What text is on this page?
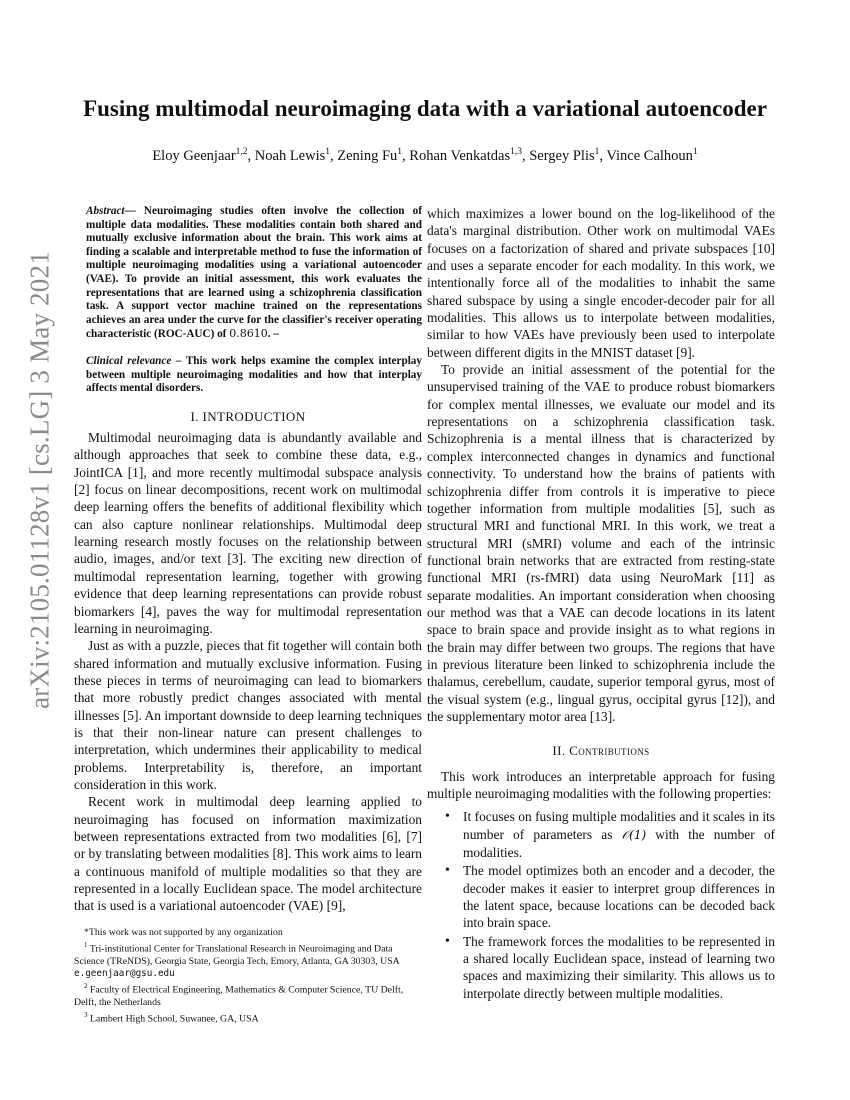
arXiv:2105.01128v1 [cs.LG] 3 May 2021
Fusing multimodal neuroimaging data with a variational autoencoder
Eloy Geenjaar$^{1,2}$, Noah Lewis$^1$, Zening Fu$^1$, Rohan Venkatdas$^{1,3}$, Sergey Plis$^1$, Vince Calhoun$^1$

Abstract— Neuroimaging studies often involve the collection of multiple data modalities. These modalities contain both shared and mutually exclusive information about the brain. This work aims at finding a scalable and interpretable method to fuse the information of multiple neuroimaging modalities using a variational autoencoder (VAE). To provide an initial assessment, this work evaluates the representations that are learned using a schizophrenia classification task. A support vector machine trained on the representations achieves an area under the curve for the classifier's receiver operating characteristic (ROC-AUC) of 0.8610. –

Clinical relevance – This work helps examine the complex interplay between multiple neuroimaging modalities and how that interplay affects mental disorders.

I. INTRODUCTION

Multimodal neuroimaging data is abundantly available and although approaches that seek to combine these data, e.g., JointICA [1], and more recently multimodal subspace analysis [2] focus on linear decompositions, recent work on multimodal deep learning offers the benefits of additional flexibility which can also capture nonlinear relationships. Multimodal deep learning research mostly focuses on the relationship between audio, images, and/or text [3]. The exciting new direction of multimodal representation learning, together with growing evidence that deep learning representations can provide robust biomarkers [4], paves the way for multimodal representation learning in neuroimaging.

Just as with a puzzle, pieces that fit together will contain both shared information and mutually exclusive information. Fusing these pieces in terms of neuroimaging can lead to biomarkers that more robustly predict changes associated with mental illnesses [5]. An important downside to deep learning techniques is that their non-linear nature can present challenges to interpretation, which undermines their applicability to medical problems. Interpretability is, therefore, an important consideration in this work.

Recent work in multimodal deep learning applied to neuroimaging has focused on information maximization between representations extracted from two modalities [6], [7] or by translating between modalities [8]. This work aims to learn a continuous manifold of multiple modalities so that they are represented in a locally Euclidean space. The model architecture that is used is a variational autoencoder (VAE) [9],

*This work was not supported by any organization

$^1$ Tri-institutional Center for Translational Research in Neuroimaging and Data Science (TReNDS), Georgia State, Georgia Tech, Emory, Atlanta, GA 30303, USA e.geenjaar@gsu.edu

$^2$ Faculty of Electrical Engineering, Mathematics & Computer Science, TU Delft, Delft, the Netherlands

$^3$ Lambert High School, Suwanee, GA, USA

which maximizes a lower bound on the log-likelihood of the data's marginal distribution. Other work on multimodal VAEs focuses on a factorization of shared and private subspaces [10] and uses a separate encoder for each modality. In this work, we intentionally force all of the modalities to inhabit the same shared subspace by using a single encoder-decoder pair for all modalities. This allows us to interpolate between modalities, similar to how VAEs have previously been used to interpolate between different digits in the MNIST dataset [9].

To provide an initial assessment of the potential for the unsupervised training of the VAE to produce robust biomarkers for complex mental illnesses, we evaluate our model and its representations on a schizophrenia classification task. Schizophrenia is a mental illness that is characterized by complex interconnected changes in dynamics and functional connectivity. To understand how the brains of patients with schizophrenia differ from controls it is imperative to piece together information from multiple modalities [5], such as structural MRI and functional MRI. In this work, we treat a structural MRI (sMRI) volume and each of the intrinsic functional brain networks that are extracted from resting-state functional MRI (rs-fMRI) data using NeuroMark [11] as separate modalities. An important consideration when choosing our method was that a VAE can decode locations in its latent space to brain space and provide insight as to what regions in the brain may differ between two groups. The regions that have in previous literature been linked to schizophrenia include the thalamus, cerebellum, caudate, superior temporal gyrus, most of the visual system (e.g., lingual gyrus, occipital gyrus [12]), and the supplementary motor area [13].

II. Contributions

This work introduces an interpretable approach for fusing multiple neuroimaging modalities with the following properties:

• It focuses on fusing multiple modalities and it scales in its number of parameters as 𝒪(1) with the number of modalities.
• The model optimizes both an encoder and a decoder, the decoder makes it easier to interpret group differences in the latent space, because locations can be decoded back into brain space.
• The framework forces the modalities to be represented in a shared locally Euclidean space, instead of learning two spaces and maximizing their similarity. This allows us to interpolate directly between multiple modalities.
